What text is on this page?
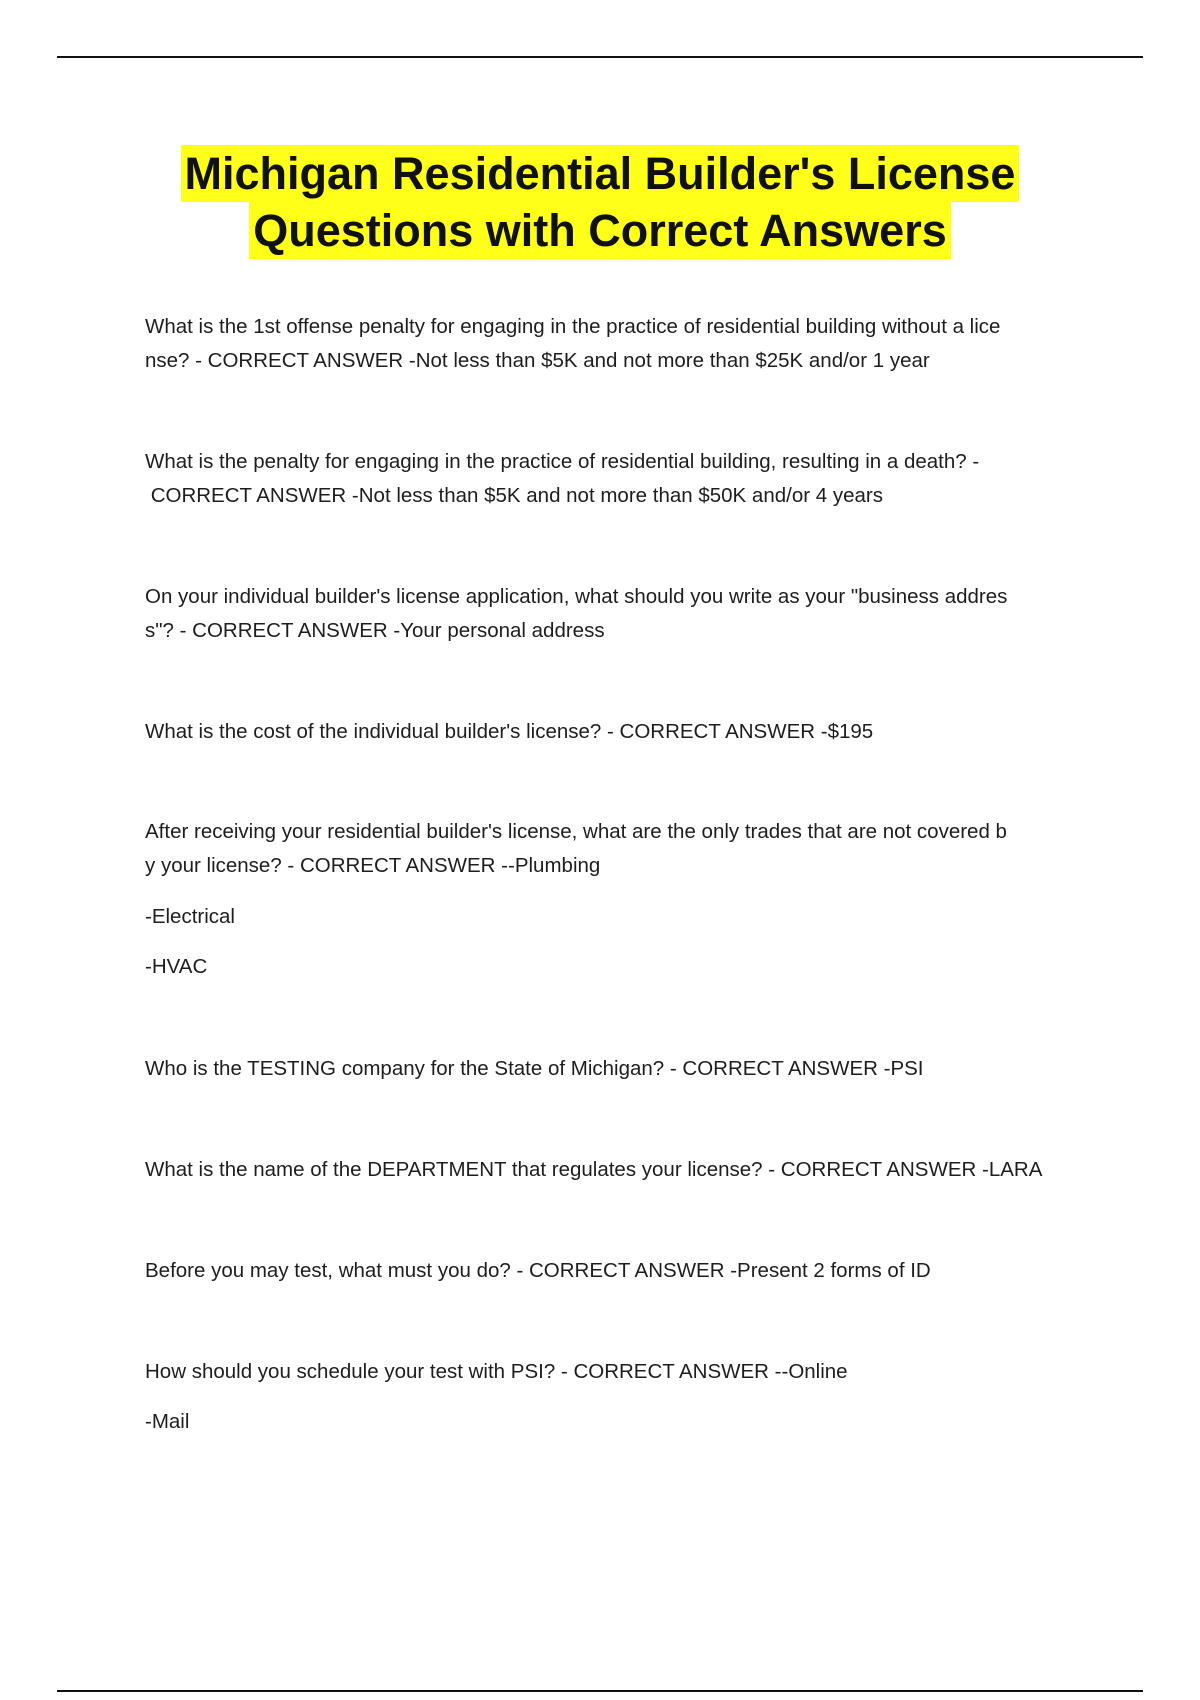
Michigan Residential Builder's License
Questions with Correct Answers

What is the 1st offense penalty for engaging in the practice of residential building without a lice

nse? - CORRECT ANSWER -Not less than $5K and not more than $25K and/or 1 year

What is the penalty for engaging in the practice of residential building, resulting in a death? -

CORRECT ANSWER -Not less than $5K and not more than $50K and/or 4 years

On your individual builder's license application, what should you write as your "business addres

s"? - CORRECT ANSWER -Your personal address

What is the cost of the individual builder's license? - CORRECT ANSWER -$195

After receiving your residential builder's license, what are the only trades that are not covered b

y your license? - CORRECT ANSWER --Plumbing

-Electrical
-HVAC

Who is the TESTING company for the State of Michigan? - CORRECT ANSWER -PSI

What is the name of the DEPARTMENT that regulates your license? - CORRECT ANSWER -LARA

Before you may test, what must you do? - CORRECT ANSWER -Present 2 forms of ID

How should you schedule your test with PSI? - CORRECT ANSWER --Online

-Mail
